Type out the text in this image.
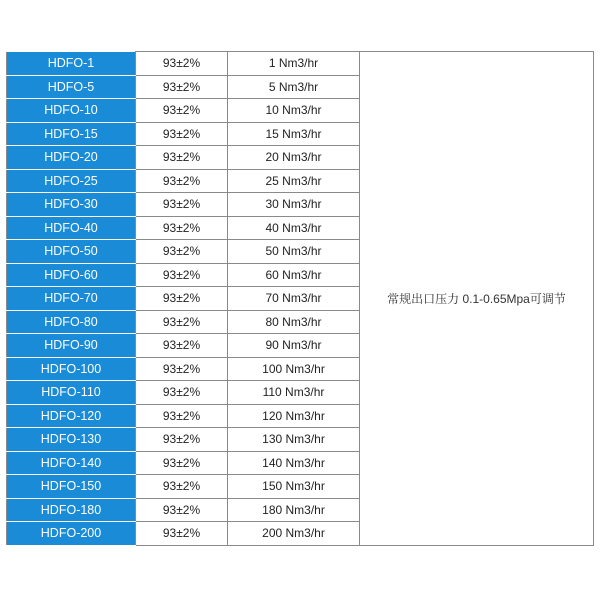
HDFO-1	93±2%	1 Nm3/hr	常规出口压力 0.1-0.65Mpa可调节
HDFO-5	93±2%	5 Nm3/hr	
HDFO-10	93±2%	10 Nm3/hr	
HDFO-15	93±2%	15 Nm3/hr	
HDFO-20	93±2%	20 Nm3/hr	
HDFO-25	93±2%	25 Nm3/hr	
HDFO-30	93±2%	30 Nm3/hr	
HDFO-40	93±2%	40 Nm3/hr	
HDFO-50	93±2%	50 Nm3/hr	
HDFO-60	93±2%	60 Nm3/hr	
HDFO-70	93±2%	70 Nm3/hr	
HDFO-80	93±2%	80 Nm3/hr	
HDFO-90	93±2%	90 Nm3/hr	
HDFO-100	93±2%	100 Nm3/hr	
HDFO-110	93±2%	110 Nm3/hr	
HDFO-120	93±2%	120 Nm3/hr	
HDFO-130	93±2%	130 Nm3/hr	
HDFO-140	93±2%	140 Nm3/hr	
HDFO-150	93±2%	150 Nm3/hr	
HDFO-180	93±2%	180 Nm3/hr	
HDFO-200	93±2%	200 Nm3/hr	
